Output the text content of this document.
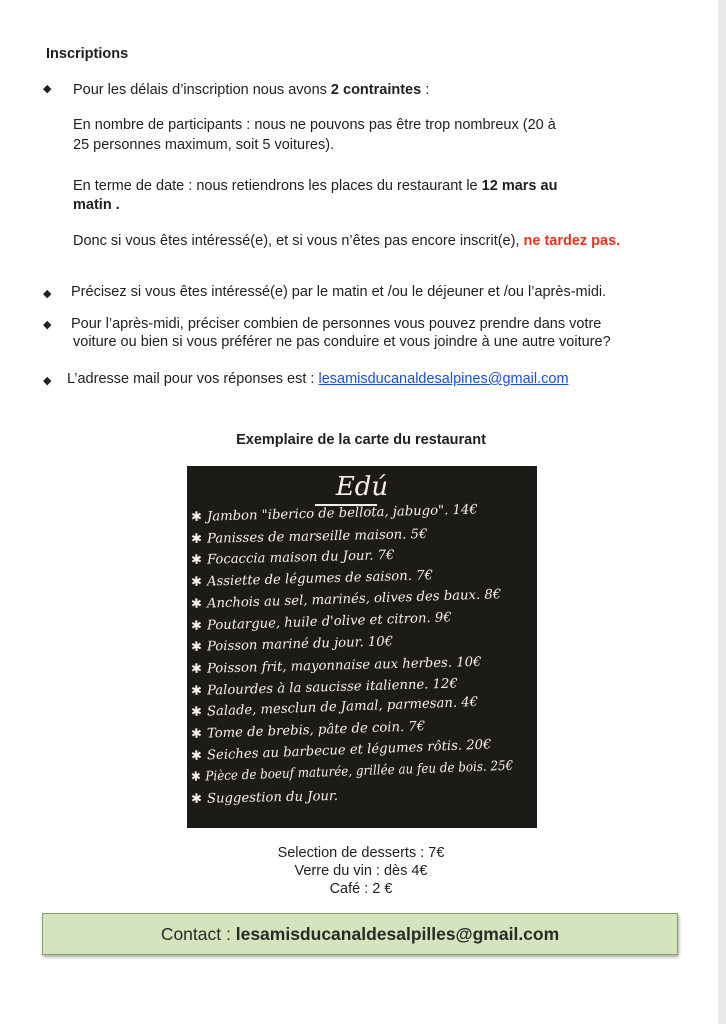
Inscriptions
◆ Pour les délais d’inscription nous avons 2 contraintes :
En nombre de participants : nous ne pouvons pas être trop nombreux (20 à
25 personnes maximum, soit 5 voitures).
En terme de date : nous retiendrons les places du restaurant le 12 mars au
matin .
Donc si vous êtes intéressé(e), et si vous n’êtes pas encore inscrit(e), ne tardez pas.
◆ Précisez si vous êtes intéressé(e) par le matin et /ou le déjeuner et /ou l’après-midi.
◆ Pour l’après-midi, préciser combien de personnes vous pouvez prendre dans votre
voiture ou bien si vous préférer ne pas conduire et vous joindre à une autre voiture?
◆ L’adresse mail pour vos réponses est : lesamisducanaldesalpines@gmail.com
Exemplaire de la carte du restaurant
Edú
✱ Jambon "iberico de bellota, jabugo". 14€
✱ Panisses de marseille maison. 5€
✱ Focaccia maison du Jour. 7€
✱ Assiette de légumes de saison. 7€
✱ Anchois au sel, marinés, olives des baux. 8€
✱ Poutargue, huile d'olive et citron. 9€
✱ Poisson mariné du jour. 10€
✱ Poisson frit, mayonnaise aux herbes. 10€
✱ Palourdes à la saucisse italienne. 12€
✱ Salade, mesclun de Jamal, parmesan. 4€
✱ Tome de brebis, pâte de coin. 7€
✱ Seiches au barbecue et légumes rôtis. 20€
✱ Pièce de boeuf maturée, grillée au feu de bois. 25€
✱ Suggestion du Jour.
Selection de desserts : 7€
Verre du vin : dès 4€
Café : 2 €
Contact : lesamisducanaldesalpilles@gmail.com
